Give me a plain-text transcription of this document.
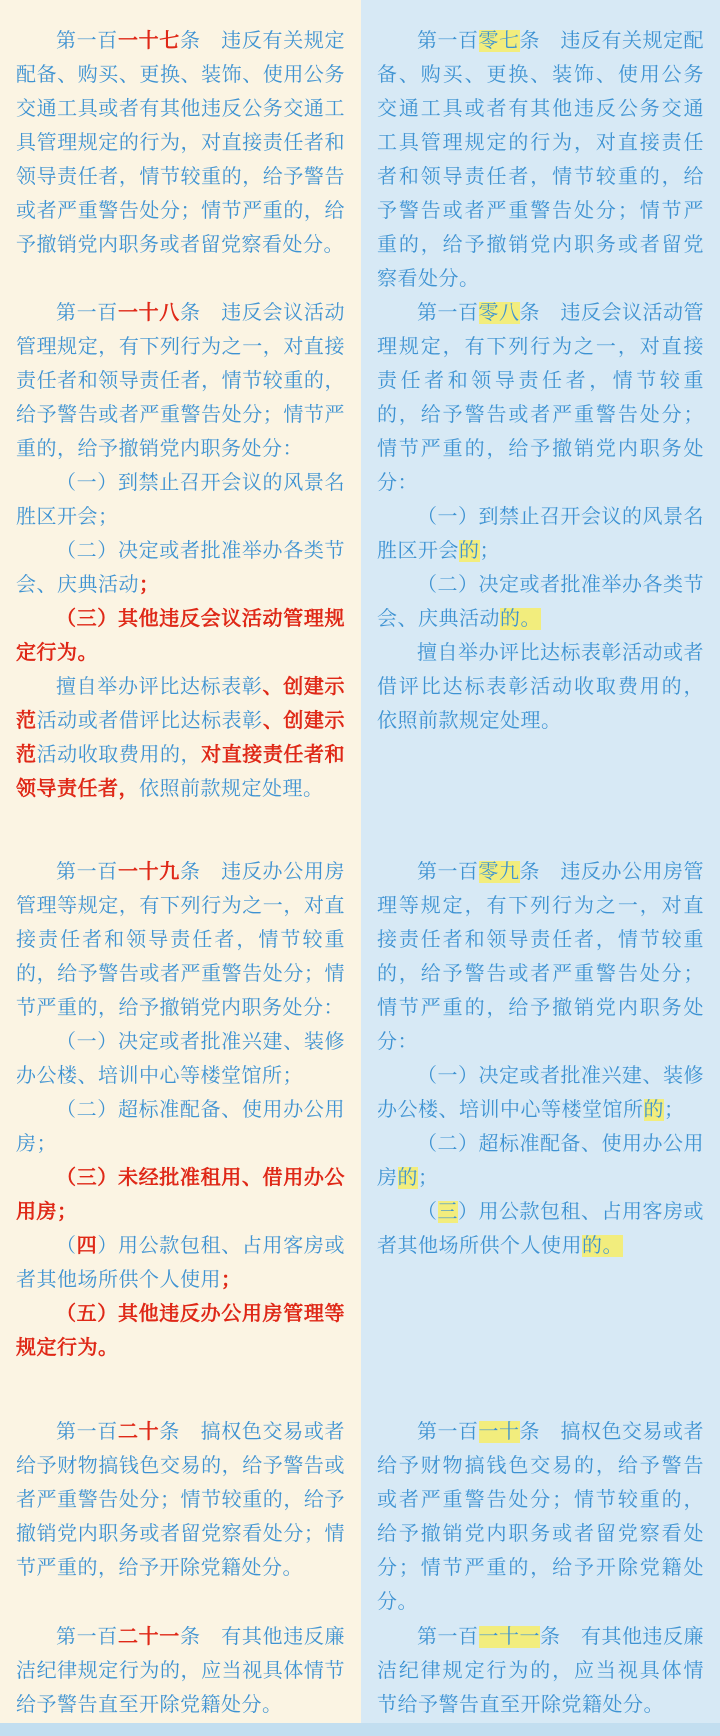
第一百一十七条　违反有关规定配备、购买、更换、装饰、使用公务交通工具或者有其他违反公务交通工具管理规定的行为，对直接责任者和领导责任者，情节较重的，给予警告或者严重警告处分；情节严重的，给予撤销党内职务或者留党察看处分。

第一百一十八条　违反会议活动管理规定，有下列行为之一，对直接责任者和领导责任者，情节较重的，给予警告或者严重警告处分；情节严重的，给予撤销党内职务处分：

（一）到禁止召开会议的风景名胜区开会；

（二）决定或者批准举办各类节会、庆典活动；

（三）其他违反会议活动管理规定行为。

擅自举办评比达标表彰、创建示范活动或者借评比达标表彰、创建示范活动收取费用的，对直接责任者和领导责任者，依照前款规定处理。

第一百一十九条　违反办公用房管理等规定，有下列行为之一，对直接责任者和领导责任者，情节较重的，给予警告或者严重警告处分；情节严重的，给予撤销党内职务处分：

（一）决定或者批准兴建、装修办公楼、培训中心等楼堂馆所；

（二）超标准配备、使用办公用房；

（三）未经批准租用、借用办公用房；

（四）用公款包租、占用客房或者其他场所供个人使用；

（五）其他违反办公用房管理等规定行为。

第一百二十条　搞权色交易或者给予财物搞钱色交易的，给予警告或者严重警告处分；情节较重的，给予撤销党内职务或者留党察看处分；情节严重的，给予开除党籍处分。

第一百二十一条　有其他违反廉洁纪律规定行为的，应当视具体情节给予警告直至开除党籍处分。

第一百零七条　违反有关规定配备、购买、更换、装饰、使用公务交通工具或者有其他违反公务交通工具管理规定的行为，对直接责任者和领导责任者，情节较重的，给予警告或者严重警告处分；情节严重的，给予撤销党内职务或者留党察看处分。

第一百零八条　违反会议活动管理规定，有下列行为之一，对直接责任者和领导责任者，情节较重的，给予警告或者严重警告处分；情节严重的，给予撤销党内职务处分：

（一）到禁止召开会议的风景名胜区开会的；

（二）决定或者批准举办各类节会、庆典活动的。

擅自举办评比达标表彰活动或者借评比达标表彰活动收取费用的，依照前款规定处理。

第一百零九条　违反办公用房管理等规定，有下列行为之一，对直接责任者和领导责任者，情节较重的，给予警告或者严重警告处分；情节严重的，给予撤销党内职务处分：

（一）决定或者批准兴建、装修办公楼、培训中心等楼堂馆所的；

（二）超标准配备、使用办公用房的；

（三）用公款包租、占用客房或者其他场所供个人使用的。

第一百一十条　搞权色交易或者给予财物搞钱色交易的，给予警告或者严重警告处分；情节较重的，给予撤销党内职务或者留党察看处分；情节严重的，给予开除党籍处分。

第一百一十一条　有其他违反廉洁纪律规定行为的，应当视具体情节给予警告直至开除党籍处分。
